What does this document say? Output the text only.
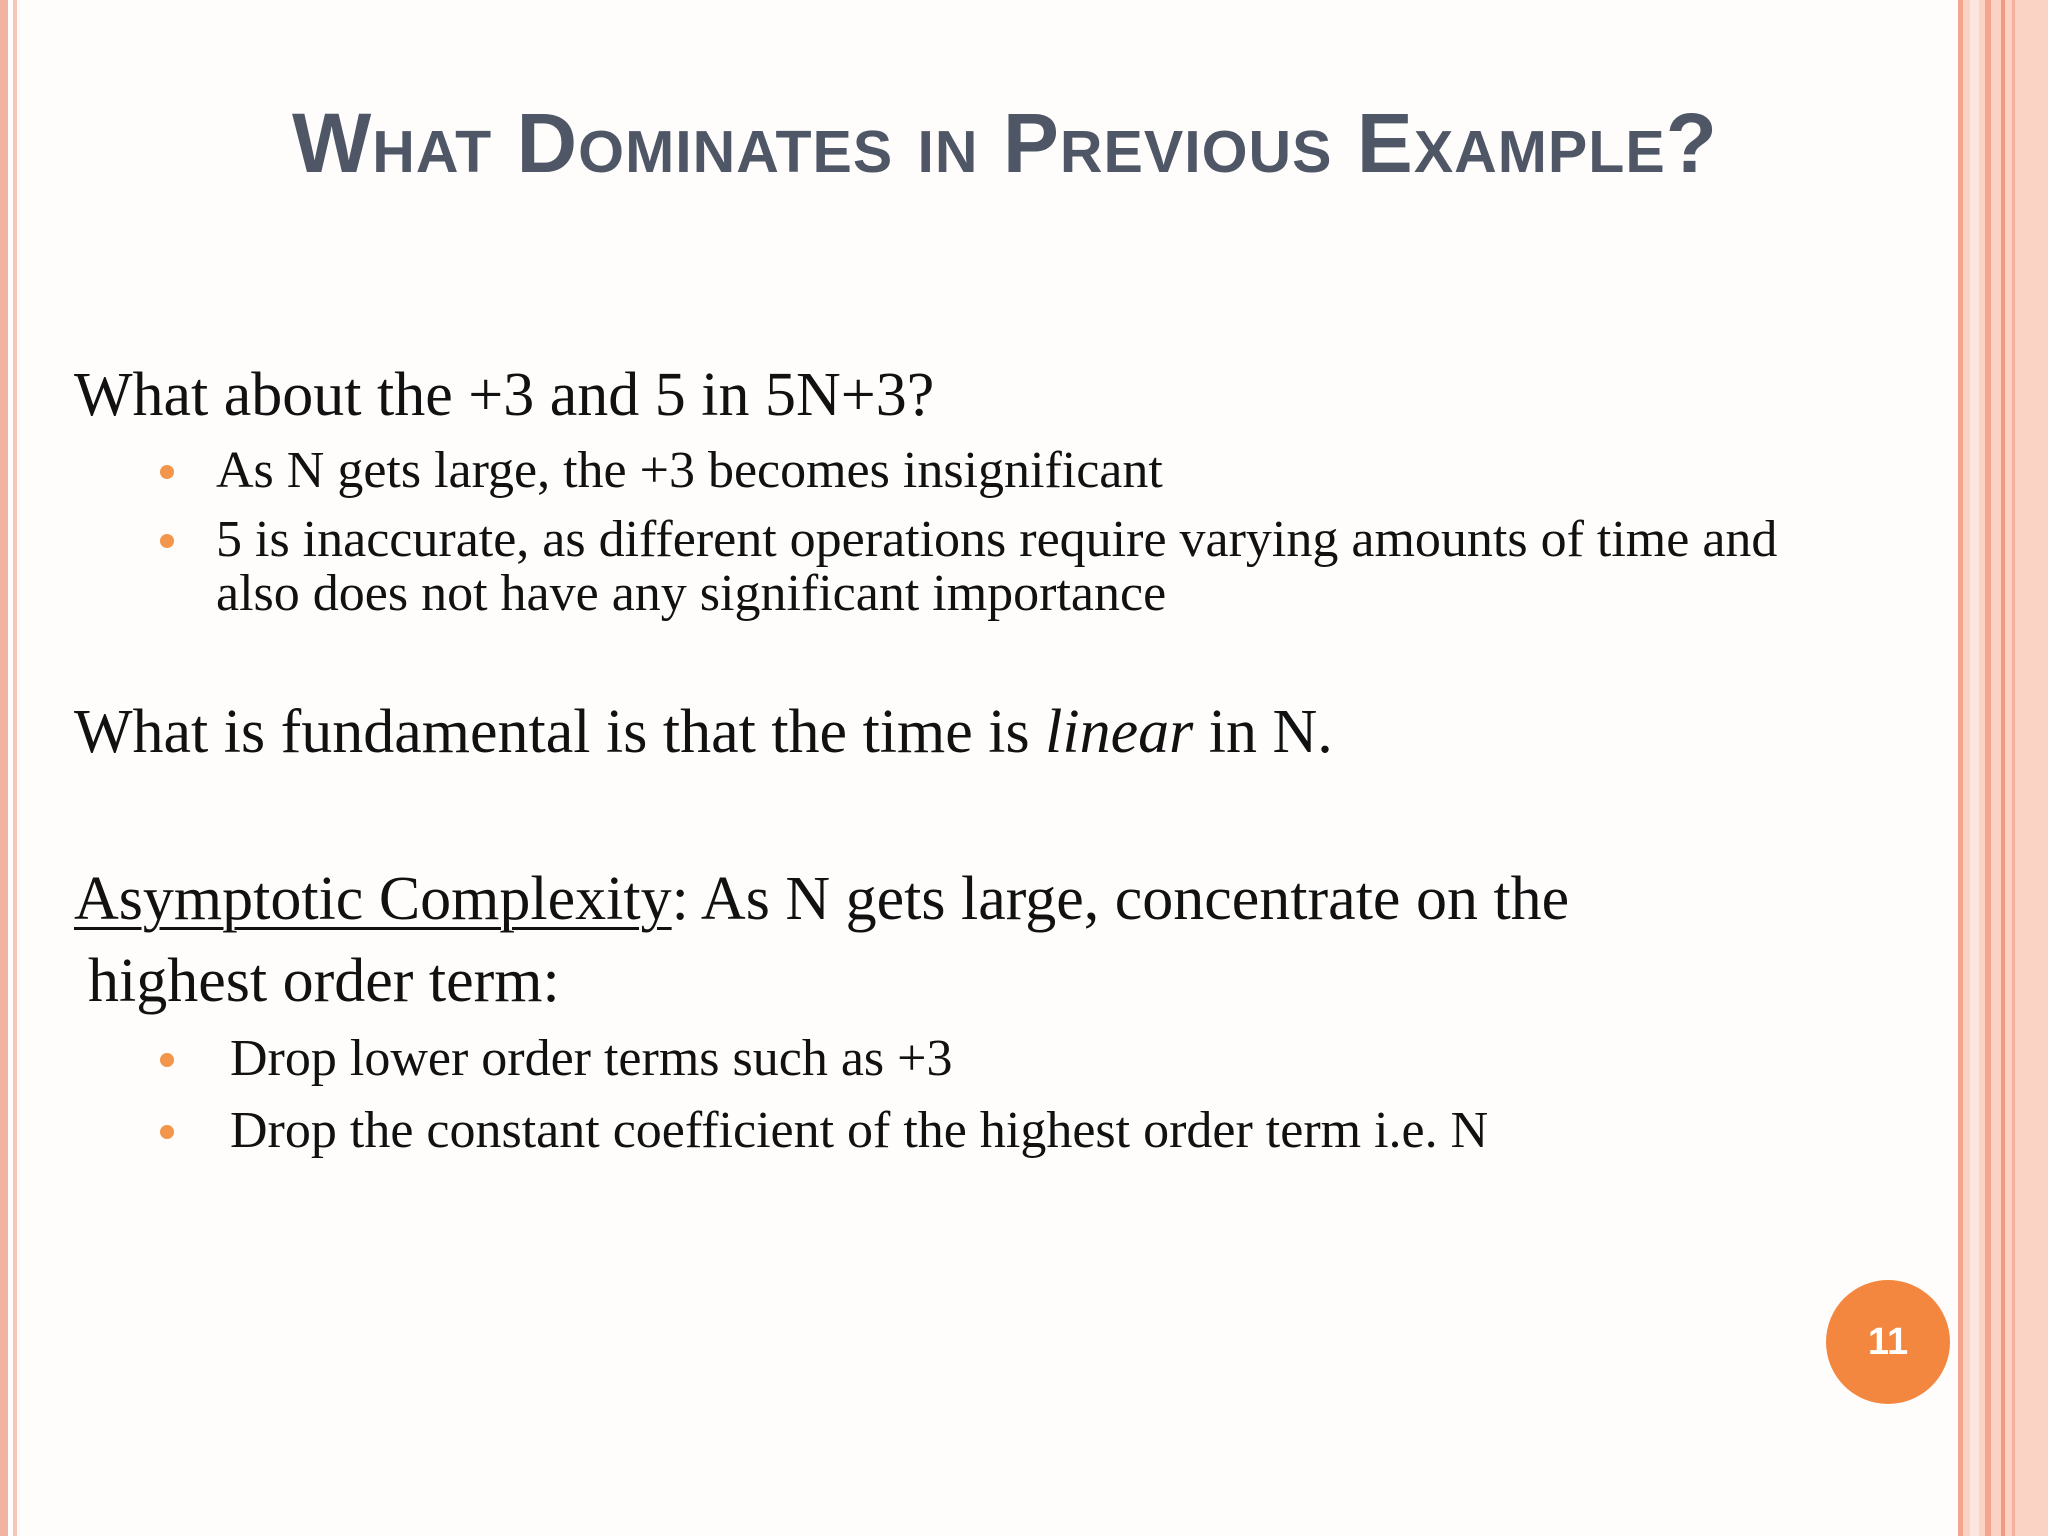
What Dominates in Previous Example?
What about the +3 and 5 in 5N+3?
As N gets large, the +3 becomes insignificant
5 is inaccurate, as different operations require varying amounts of time and
also does not have any significant importance
What is fundamental is that the time is linear in N.
Asymptotic Complexity: As N gets large, concentrate on the
highest order term:
Drop lower order terms such as +3
Drop the constant coefficient of the highest order term i.e. N
11
